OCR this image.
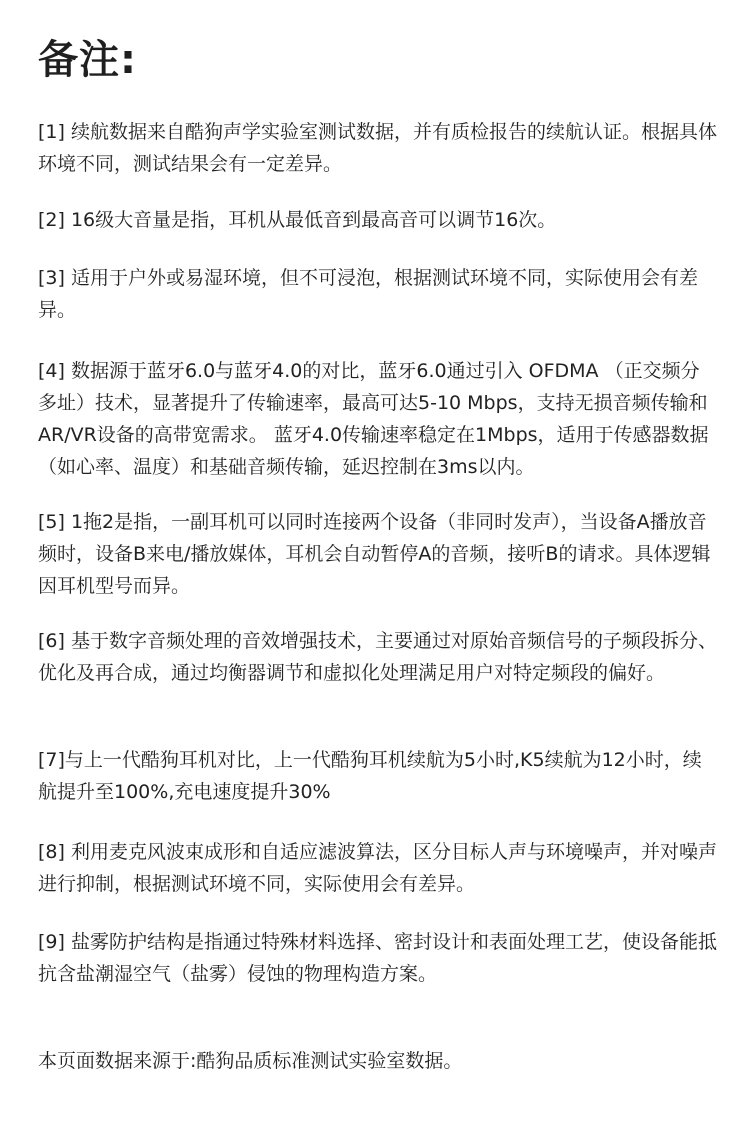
备注:

[1] 续航数据来自酷狗声学实验室测试数据，并有质检报告的续航认证。根据具体环境不同，测试结果会有一定差异。

[2] 16级大音量是指，耳机从最低音到最高音可以调节16次。

[3] 适用于户外或易湿环境，但不可浸泡，根据测试环境不同，实际使用会有差异。

[4] 数据源于蓝牙6.0与蓝牙4.0的对比，蓝牙6.0通过引入 OFDMA （正交频分多址）技术，显著提升了传输速率，最高可达5-10 Mbps，支持无损音频传输和AR/VR设备的高带宽需求。 蓝牙4.0传输速率稳定在1Mbps，适用于传感器数据（如心率、温度）和基础音频传输，延迟控制在3ms以内。

[5] 1拖2是指，一副耳机可以同时连接两个设备（非同时发声），当设备A播放音频时，设备B来电/播放媒体，耳机会自动暂停A的音频，接听B的请求。具体逻辑因耳机型号而异。

[6] 基于数字音频处理的音效增强技术，主要通过对原始音频信号的子频段拆分、优化及再合成，通过均衡器调节和虚拟化处理满足用户对特定频段的偏好。

[7]与上一代酷狗耳机对比，上一代酷狗耳机续航为5小时,K5续航为12小时，续航提升至100%,充电速度提升30%

[8] 利用麦克风波束成形和自适应滤波算法，区分目标人声与环境噪声，并对噪声进行抑制，根据测试环境不同，实际使用会有差异。

[9] 盐雾防护结构是指通过特殊材料选择、密封设计和表面处理工艺，使设备能抵抗含盐潮湿空气（盐雾）侵蚀的物理构造方案。

本页面数据来源于:酷狗品质标准测试实验室数据。
